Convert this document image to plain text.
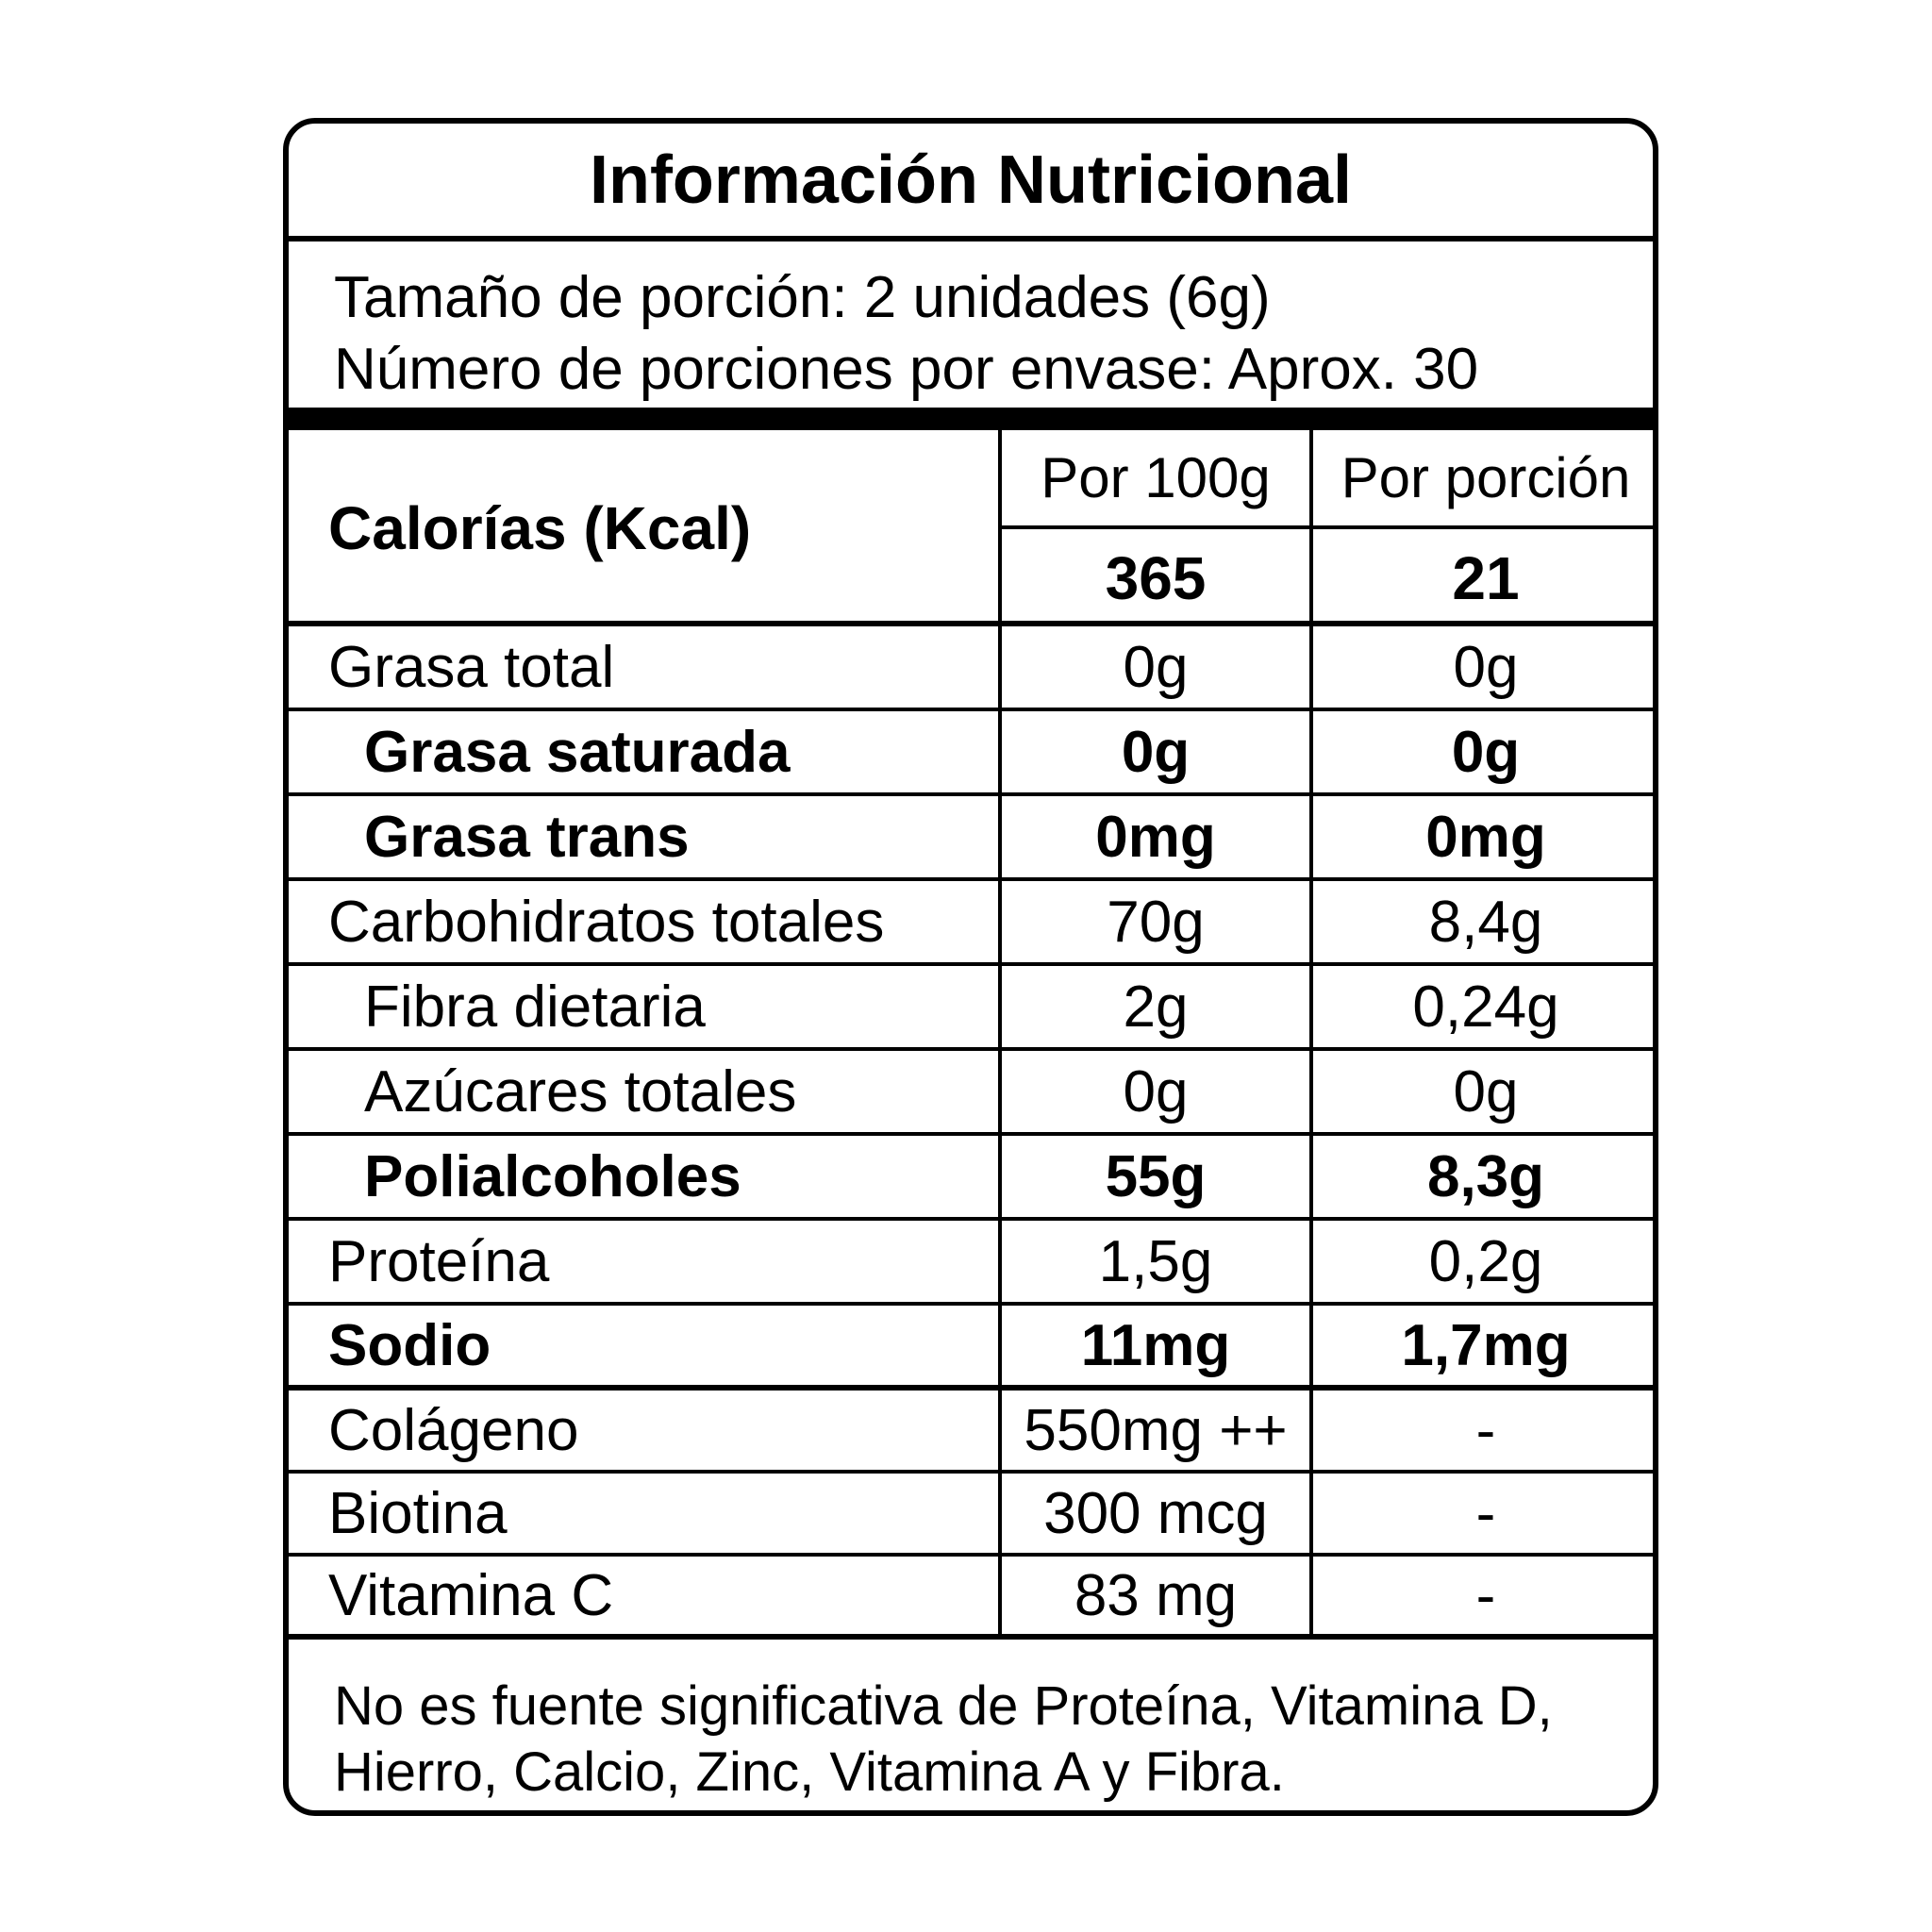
Información Nutricional
Tamaño de porción: 2 unidades (6g)
Número de porciones por envase: Aprox. 30
Por 100g	Por porción
Calorías (Kcal)
365	21
Grasa total	0g	0g
Grasa saturada	0g	0g
Grasa trans	0mg	0mg
Carbohidratos totales	70g	8,4g
Fibra dietaria	2g	0,24g
Azúcares totales	0g	0g
Polialcoholes	55g	8,3g
Proteína	1,5g	0,2g
Sodio	11mg	1,7mg
Colágeno	550mg ++	-
Biotina	300 mcg	-
Vitamina C	83 mg	-
No es fuente significativa de Proteína, Vitamina D,
Hierro, Calcio, Zinc, Vitamina A y Fibra.
